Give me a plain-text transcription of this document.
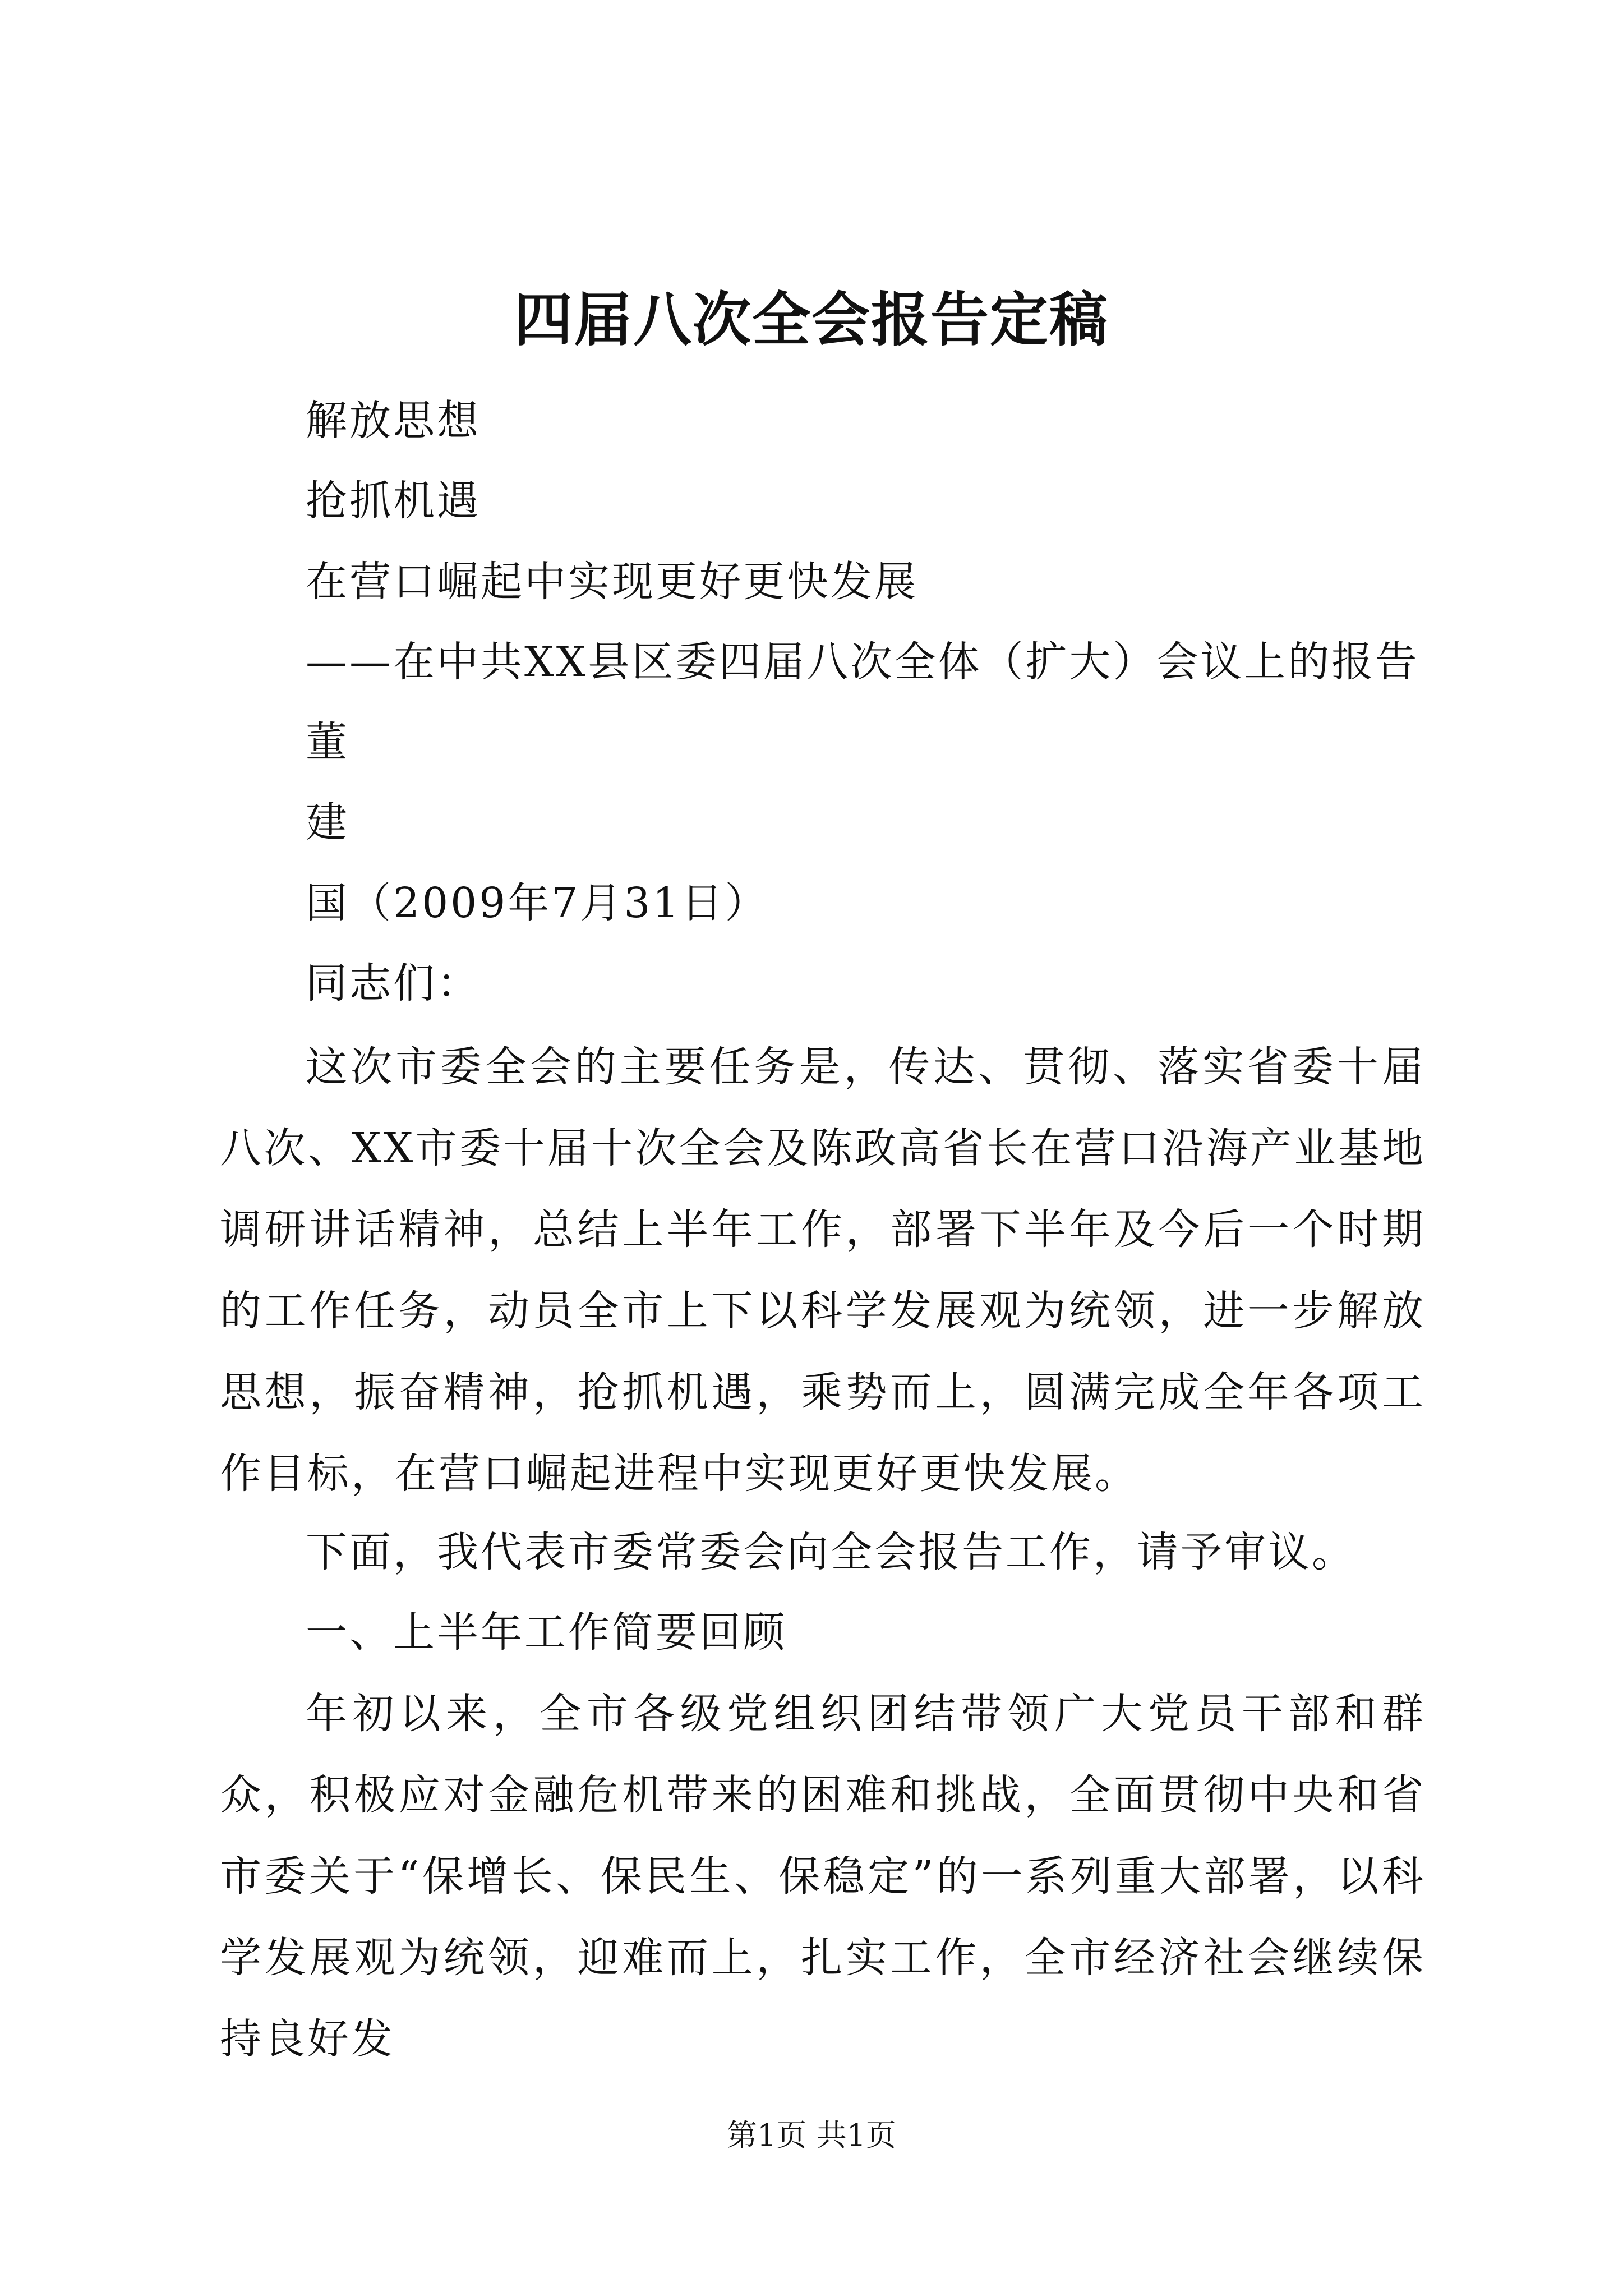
四届八次全会报告定稿
解放思想
抢抓机遇
在营口崛起中实现更好更快发展
——在中共XX县区委四届八次全体（扩大）会议上的报告
董
建
国（2009年7月31日）
同志们：
这次市委全会的主要任务是，传达、贯彻、落实省委十届八次、XX市委十届十次全会及陈政高省长在营口沿海产业基地调研讲话精神，总结上半年工作，部署下半年及今后一个时期的工作任务，动员全市上下以科学发展观为统领，进一步解放思想，振奋精神，抢抓机遇，乘势而上，圆满完成全年各项工作目标，在营口崛起进程中实现更好更快发展。
下面，我代表市委常委会向全会报告工作，请予审议。
一、上半年工作简要回顾
年初以来，全市各级党组织团结带领广大党员干部和群众，积极应对金融危机带来的困难和挑战，全面贯彻中央和省市委关于“保增长、保民生、保稳定”的一系列重大部署，以科学发展观为统领，迎难而上，扎实工作，全市经济社会继续保持良好发
第1页 共1页
